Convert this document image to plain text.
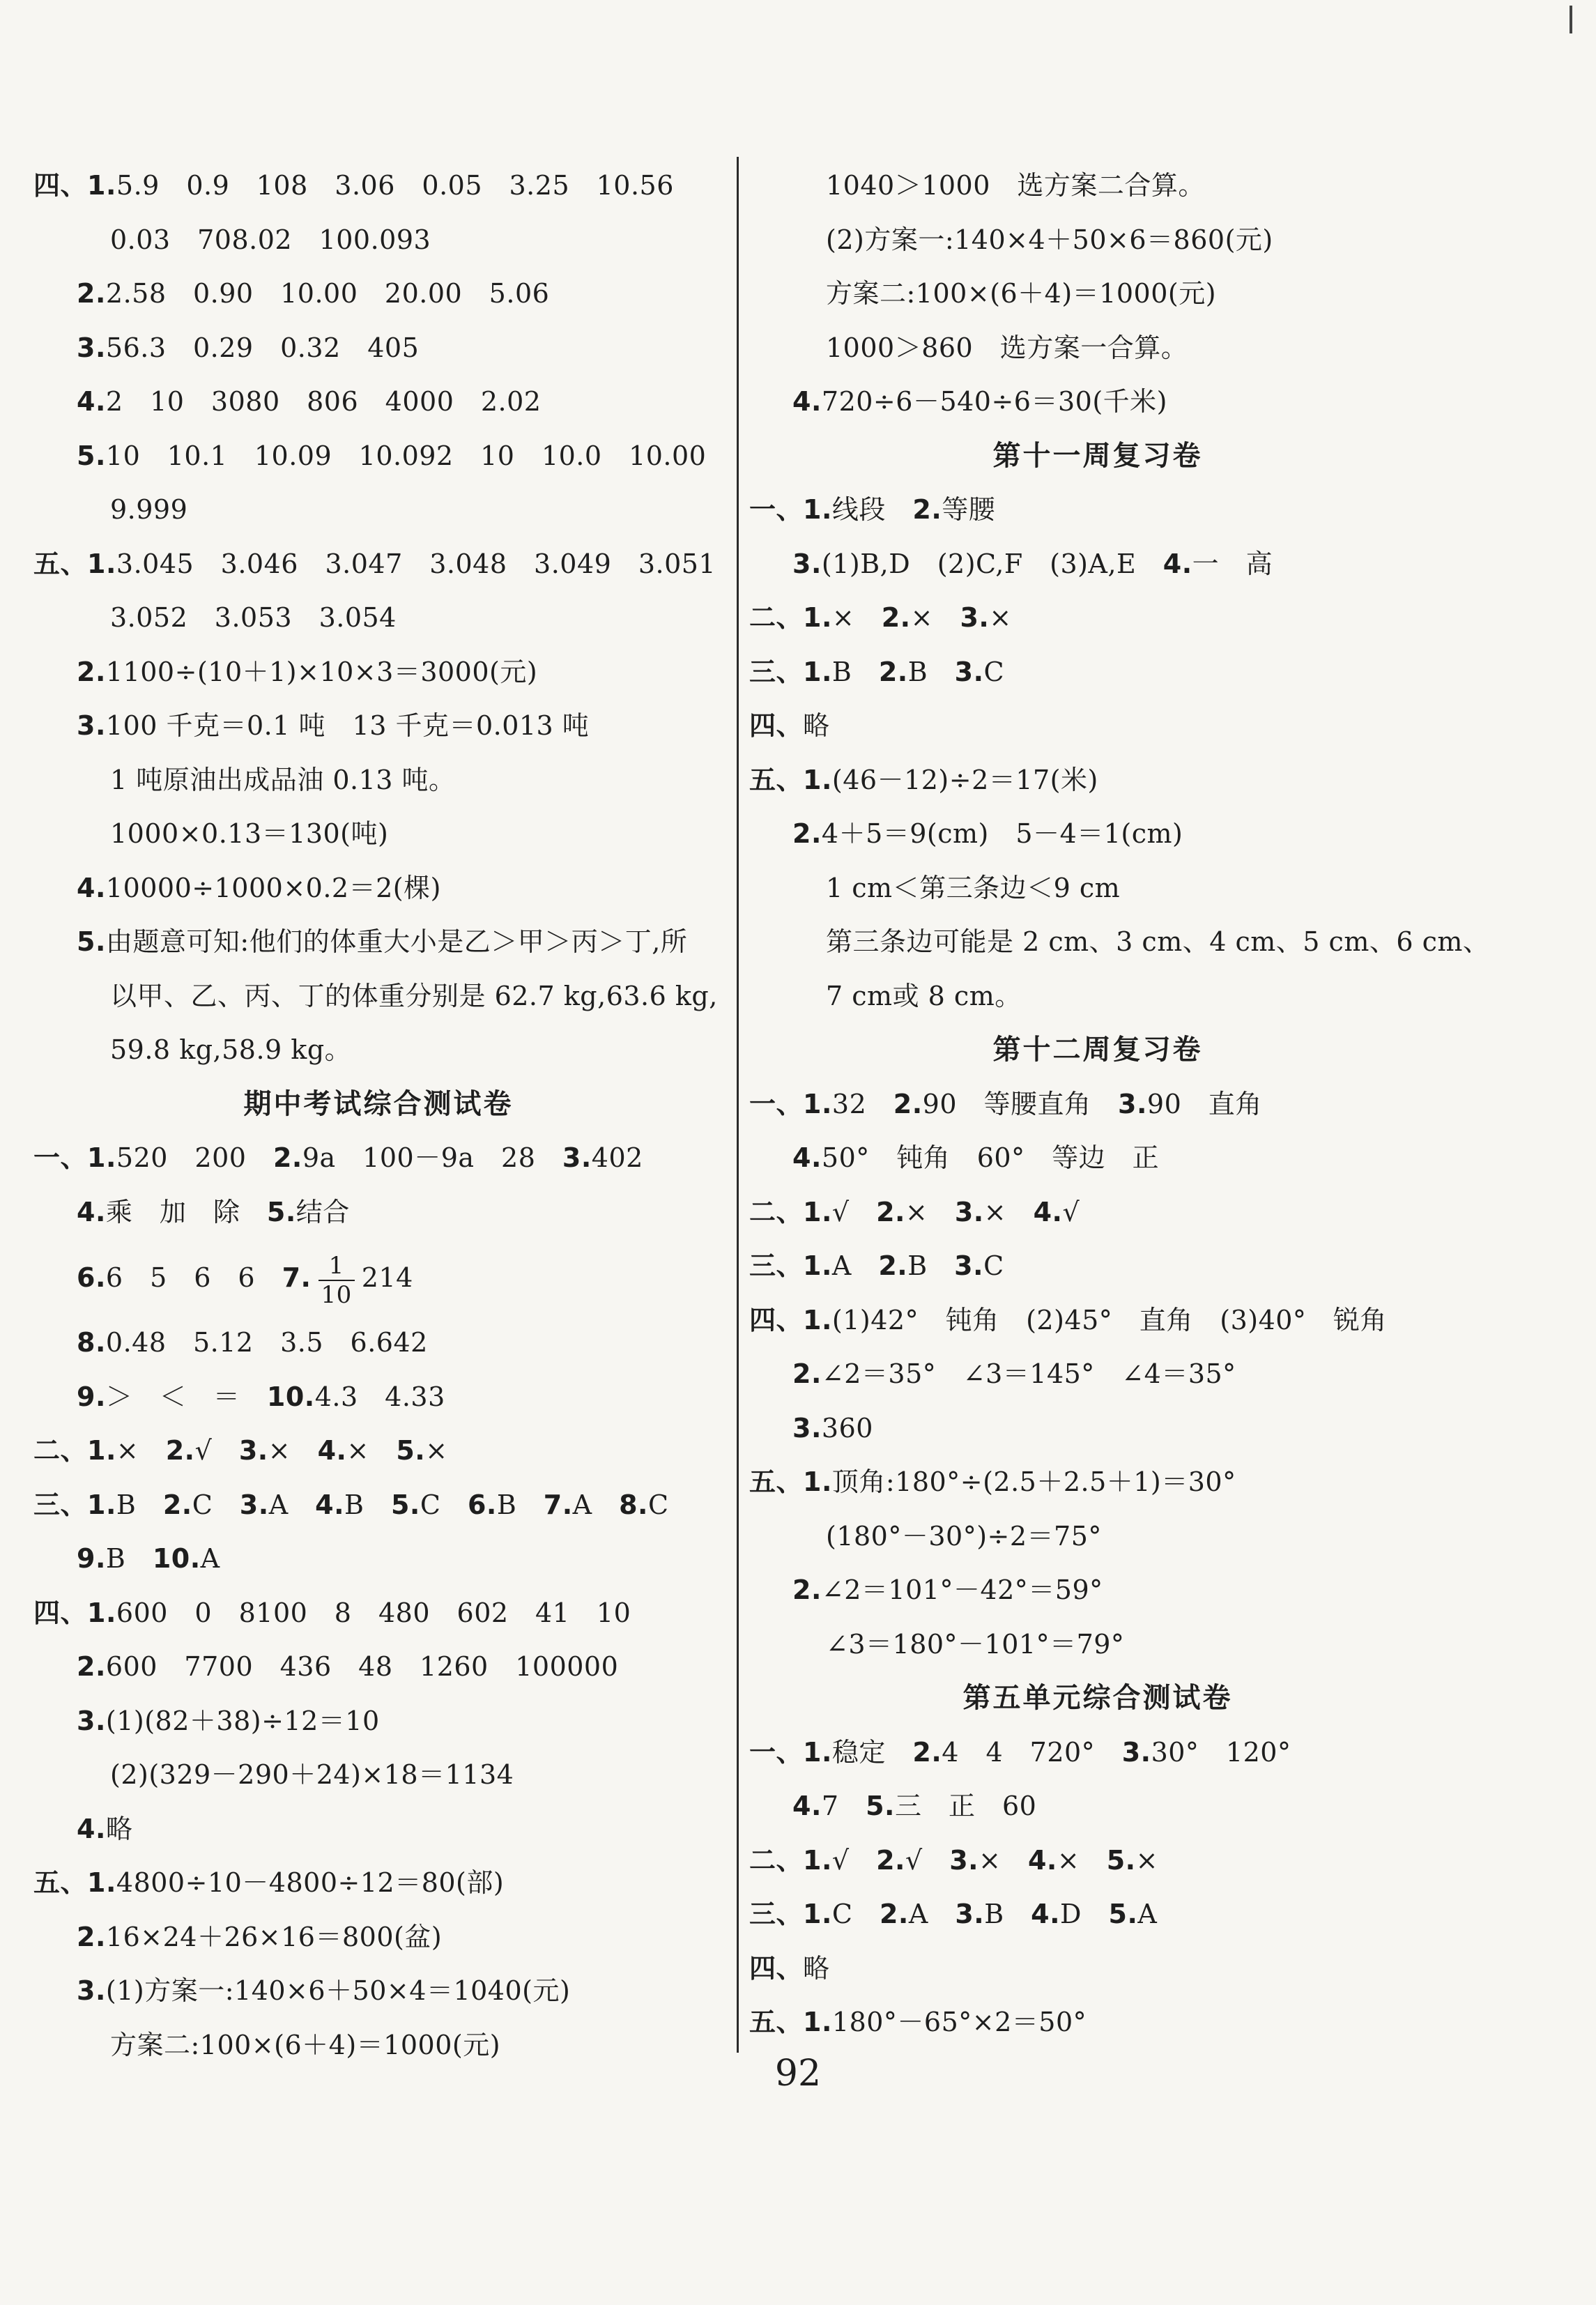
四、1.5.9　0.9　108　3.06　0.05　3.25　10.56
0.03　708.02　100.093
2.2.58　0.90　10.00　20.00　5.06
3.56.3　0.29　0.32　405
4.2　10　3080　806　4000　2.02
5.10　10.1　10.09　10.092　10　10.0　10.00
9.999
五、1.3.045　3.046　3.047　3.048　3.049　3.051
3.052　3.053　3.054
2.1100÷(10＋1)×10×3＝3000(元)
3.100 千克＝0.1 吨　13 千克＝0.013 吨
1 吨原油出成品油 0.13 吨。
1000×0.13＝130(吨)
4.10000÷1000×0.2＝2(棵)
5.由题意可知:他们的体重大小是乙＞甲＞丙＞丁,所
以甲、乙、丙、丁的体重分别是 62.7 kg,63.6 kg,
59.8 kg,58.9 kg。
期中考试综合测试卷
一、1.520　200　2.9a　100－9a　28　3.402
4.乘　加　除　5.结合
6.6　5　6　6　7. $\frac{1}{10} 214$
8.0.48　5.12　3.5　6.642
9.＞　＜　＝　10.4.3　4.33
二、1.×　2.√　3.×　4.×　5.×
三、1.B　2.C　3.A　4.B　5.C　6.B　7.A　8.C
9.B　10.A
四、1.600　0　8100　8　480　602　41　10
2.600　7700　436　48　1260　100000
3.(1)(82＋38)÷12＝10
(2)(329－290＋24)×18＝1134
4.略
五、1.4800÷10－4800÷12＝80(部)
2.16×24＋26×16＝800(盆)
3.(1)方案一:140×6＋50×4＝1040(元)
方案二:100×(6＋4)＝1000(元)
1040＞1000　选方案二合算。
(2)方案一:140×4＋50×6＝860(元)
方案二:100×(6＋4)＝1000(元)
1000＞860　选方案一合算。
4.720÷6－540÷6＝30(千米)
第十一周复习卷
一、1.线段　2.等腰
3.(1)B,D　(2)C,F　(3)A,E　4.一　高
二、1.×　2.×　3.×
三、1.B　2.B　3.C
四、略
五、1.(46－12)÷2＝17(米)
2.4＋5＝9(cm)　5－4＝1(cm)
1 cm＜第三条边＜9 cm
第三条边可能是 2 cm、3 cm、4 cm、5 cm、6 cm、
7 cm或 8 cm。
第十二周复习卷
一、1.32　2.90　等腰直角　3.90　直角
4.50°　钝角　60°　等边　正
二、1.√　2.×　3.×　4.√
三、1.A　2.B　3.C
四、1.(1)42°　钝角　(2)45°　直角　(3)40°　锐角
2.∠2＝35°　∠3＝145°　∠4＝35°
3.360
五、1.顶角:180°÷(2.5＋2.5＋1)＝30°
(180°－30°)÷2＝75°
2.∠2＝101°－42°＝59°
∠3＝180°－101°＝79°
第五单元综合测试卷
一、1.稳定　2.4　4　720°　3.30°　120°
4.7　5.三　正　60
二、1.√　2.√　3.×　4.×　5.×
三、1.C　2.A　3.B　4.D　5.A
四、略
五、1.180°－65°×2＝50°
92
